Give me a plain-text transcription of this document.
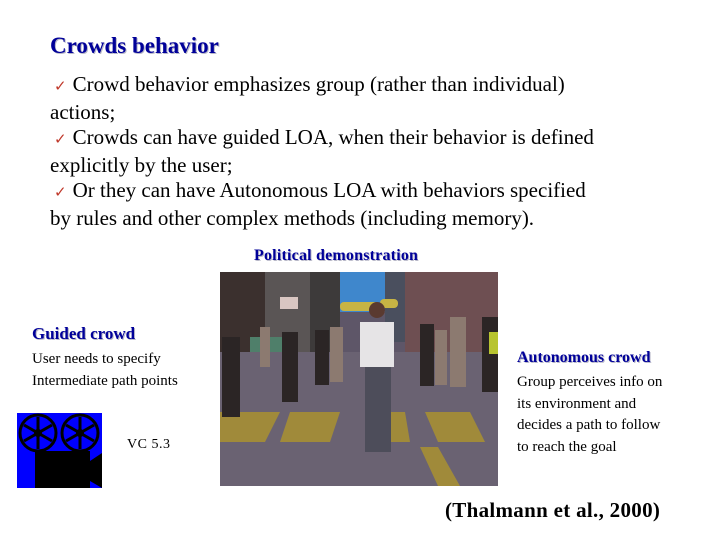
Crowds behavior
✓ Crowd behavior emphasizes group (rather than individual)
actions;
✓ Crowds can have guided LOA, when their behavior is defined
explicitly by the user;
✓ Or they can have Autonomous LOA with behaviors specified
by rules and other complex methods (including memory).
Political demonstration
Guided crowd
User needs to specify
Intermediate path points
Autonomous crowd
Group perceives info on
its environment and
decides a path to follow
to reach the goal
VC 5.3
(Thalmann et al., 2000)
